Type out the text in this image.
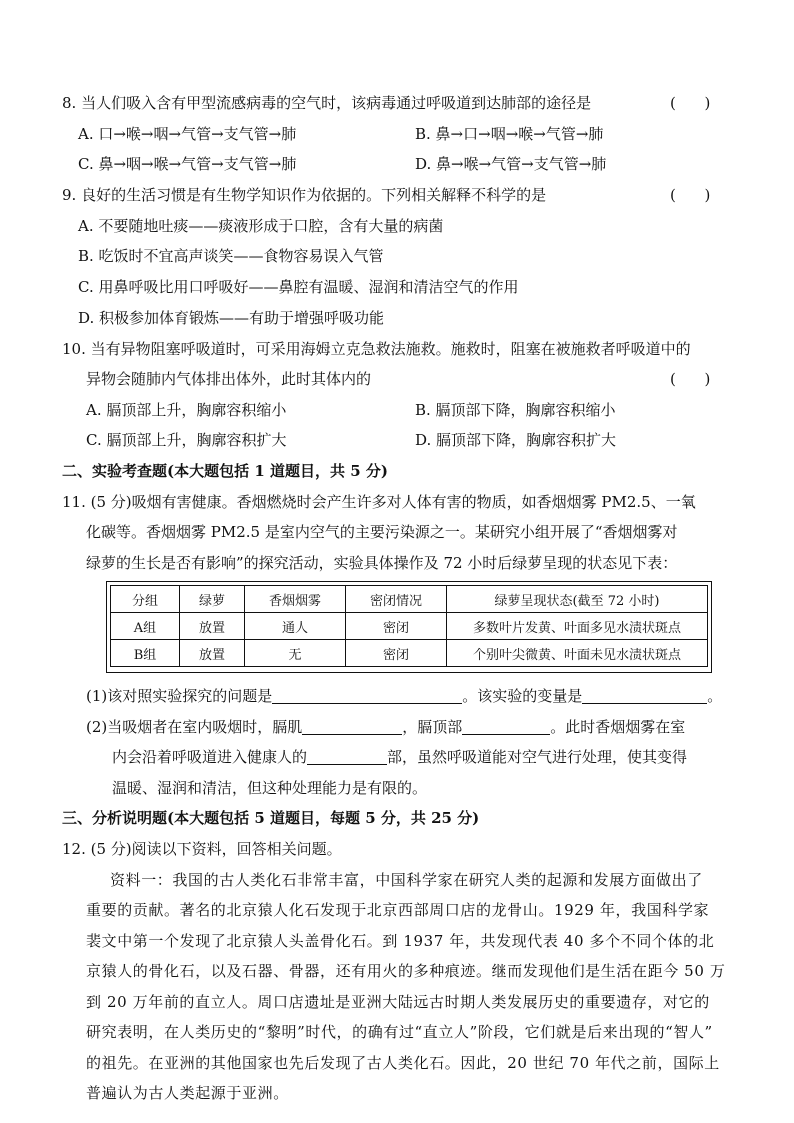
8. 当人们吸入含有甲型流感病毒的空气时，该病毒通过呼吸道到达肺部的途径是	(      )
A. 口→喉→咽→气管→支气管→肺	B. 鼻→口→咽→喉→气管→肺
C. 鼻→咽→喉→气管→支气管→肺	D. 鼻→喉→气管→支气管→肺
9. 良好的生活习惯是有生物学知识作为依据的。下列相关解释不科学的是	(      )
A. 不要随地吐痰——痰液形成于口腔，含有大量的病菌
B. 吃饭时不宜高声谈笑——食物容易误入气管
C. 用鼻呼吸比用口呼吸好——鼻腔有温暖、湿润和清洁空气的作用
D. 积极参加体育锻炼——有助于增强呼吸功能
10. 当有异物阻塞呼吸道时，可采用海姆立克急救法施救。施救时，阻塞在被施救者呼吸道中的
异物会随肺内气体排出体外，此时其体内的	(      )
A. 膈顶部上升，胸廓容积缩小	B. 膈顶部下降，胸廓容积缩小
C. 膈顶部上升，胸廓容积扩大	D. 膈顶部下降，胸廓容积扩大
二、实验考查题(本大题包括 1 道题目，共 5 分)
11. (5 分)吸烟有害健康。香烟燃烧时会产生许多对人体有害的物质，如香烟烟雾 PM2.5、一氧
化碳等。香烟烟雾 PM2.5 是室内空气的主要污染源之一。某研究小组开展了“香烟烟雾对
绿萝的生长是否有影响”的探究活动，实验具体操作及 72 小时后绿萝呈现的状态见下表：
分组	绿萝	香烟烟雾	密闭情况	绿萝呈现状态(截至 72 小时)
A组	放置	通人	密闭	多数叶片发黄、叶面多见水渍状斑点
B组	放置	无	密闭	个别叶尖微黄、叶面未见水渍状斑点
(1)该对照实验探究的问题是	。该实验的变量是	。
(2)当吸烟者在室内吸烟时，膈肌	，膈顶部	。此时香烟烟雾在室
内会沿着呼吸道进入健康人的	部，虽然呼吸道能对空气进行处理，使其变得
温暖、湿润和清洁，但这种处理能力是有限的。
三、分析说明题(本大题包括 5 道题目，每题 5 分，共 25 分)
12. (5 分)阅读以下资料，回答相关问题。
资料一：我国的古人类化石非常丰富，中国科学家在研究人类的起源和发展方面做出了
重要的贡献。著名的北京猿人化石发现于北京西部周口店的龙骨山。1929 年，我国科学家
裴文中第一个发现了北京猿人头盖骨化石。到 1937 年，共发现代表 40 多个不同个体的北
京猿人的骨化石，以及石器、骨器，还有用火的多种痕迹。继而发现他们是生活在距今 50 万
到 20 万年前的直立人。周口店遗址是亚洲大陆远古时期人类发展历史的重要遗存，对它的
研究表明，在人类历史的“黎明”时代，的确有过“直立人”阶段，它们就是后来出现的“智人”
的祖先。在亚洲的其他国家也先后发现了古人类化石。因此，20 世纪 70 年代之前，国际上
普遍认为古人类起源于亚洲。
